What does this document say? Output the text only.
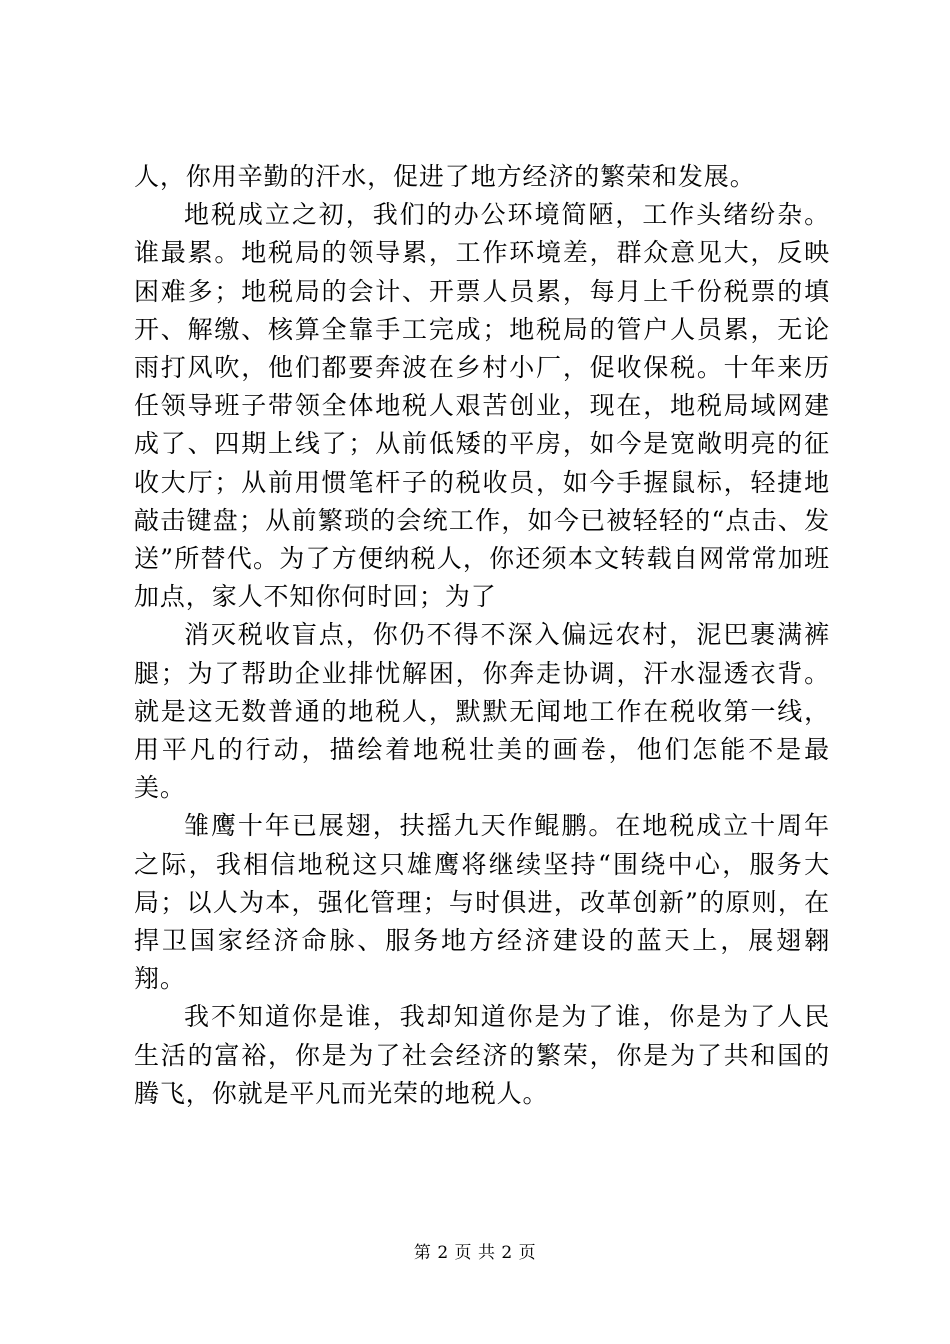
人，你用辛勤的汗水，促进了地方经济的繁荣和发展。

地税成立之初，我们的办公环境简陋，工作头绪纷杂。谁最累。地税局的领导累，工作环境差，群众意见大，反映困难多；地税局的会计、开票人员累，每月上千份税票的填开、解缴、核算全靠手工完成；地税局的管户人员累，无论雨打风吹，他们都要奔波在乡村小厂，促收保税。十年来历任领导班子带领全体地税人艰苦创业，现在，地税局域网建成了、四期上线了；从前低矮的平房，如今是宽敞明亮的征收大厅；从前用惯笔杆子的税收员，如今手握鼠标，轻捷地敲击键盘；从前繁琐的会统工作，如今已被轻轻的“点击、发送”所替代。为了方便纳税人，你还须本文转载自网常常加班加点，家人不知你何时回；为了

消灭税收盲点，你仍不得不深入偏远农村，泥巴裹满裤腿；为了帮助企业排忧解困，你奔走协调，汗水湿透衣背。就是这无数普通的地税人，默默无闻地工作在税收第一线，用平凡的行动，描绘着地税壮美的画卷，他们怎能不是最美。

雏鹰十年已展翅，扶摇九天作鲲鹏。在地税成立十周年之际，我相信地税这只雄鹰将继续坚持“围绕中心，服务大局；以人为本，强化管理；与时俱进，改革创新”的原则，在捍卫国家经济命脉、服务地方经济建设的蓝天上，展翅翱翔。

我不知道你是谁，我却知道你是为了谁，你是为了人民生活的富裕，你是为了社会经济的繁荣，你是为了共和国的腾飞，你就是平凡而光荣的地税人。

第 2 页 共 2 页
